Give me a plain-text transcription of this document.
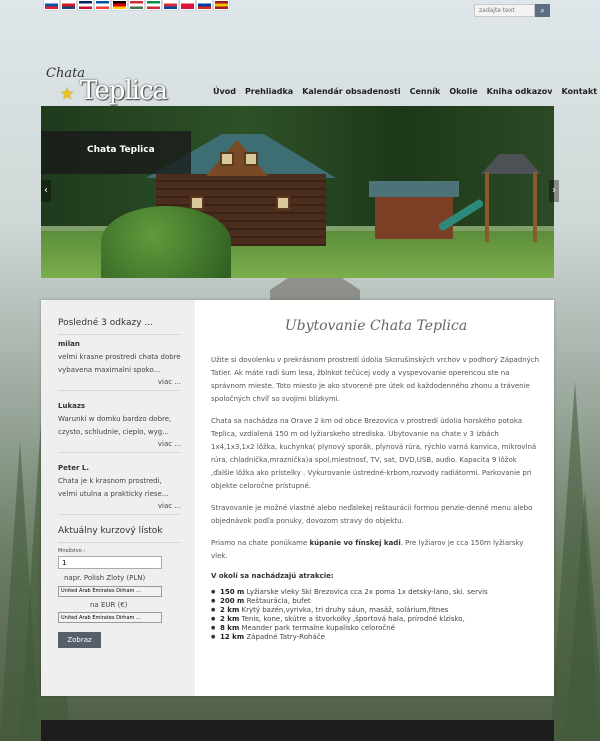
zadajte text
⌕
Chata
★ Teplica	Úvod Prehliadka Kalendár obsadenosti Cenník Okolie Kniha odkazov Kontakt
Chata Teplica
‹	›
Posledné 3 odkazy ...
milan
velmi krasne prostredi chata dobre vybavena maximalni spoko...
viac ...
Lukazs
Warunki w domku bardzo dobre, czysto, schludnie, cieplo, wyg...
viac ...
Peter L.
Chata je k krasnom prostredi, velmi utulna a prakticky riese...
viac ...
Aktuálny kurzový lístok
Množstvo :
1
napr. Polish Zloty (PLN)
United Arab Emirates Dirham ...
na EUR (€)
United Arab Emirates Dirham ...
Zobraz
Ubytovanie Chata Teplica

Užite si dovolenku v prekrásnom prostredí údolia Skorušinských vrchov v podhorý Západných Tatier. Ak máte radi šum lesa, žblnkot tečúcej vody a vyspevovanie operencou ste na správnom mieste. Toto miesto je ako stvorené pre útek od každodenného zhonu a trávenie spoločných chvíľ so svojimi blízkymi.

Chata sa nachádza na Orave 2 km od obce Brezovica v prostredí údolia horského potoka Teplica, vzdialená 150 m od lyžiarskeho strediska. Ubytovanie na chate v 3 izbách 1x4,1x3,1x2 lôžka, kuchynka( plynový sporák, plynová rúra, rýchlo varná kanvica, mikrovlná rúra, chladnička,mraznička)a spol,miestnosť, TV, sat, DVD,USB, audio. Kapacita 9 lôžok ,ďalšie lôžka ako prístelky . Vykurovanie ústredné-krbom,rozvody radiátormi. Parkovanie pri objekte celoročne prístupné.

Stravovanie je možné vlastné alebo neďalekej reštaurácii formou penzie-denné menu alebo objednávok podľa ponuky, dovozom stravy do objektu.

Priamo na chate ponúkame kúpanie vo fínskej kadi. Pre lyžiarov je cca 150m lyžiarsky vlek.

V okolí sa nachádzajú atrakcie:
● 150 m Lyžiarske vleky Ski Brezovica cca 2x poma 1x detsky-lano, ski. servis
● 200 m Reštaurácia, bufet
● 2 km Krytý bazén,vyrivka, tri druhy sáun, masáž, solárium,fitnes
● 2 km Tenis, kone, skútre a štvorkolky ,športová hala, prírodné klzisko,
● 8 km Meander park termalne kupalisko celoročné
● 12 km Západné Tatry-Roháče
